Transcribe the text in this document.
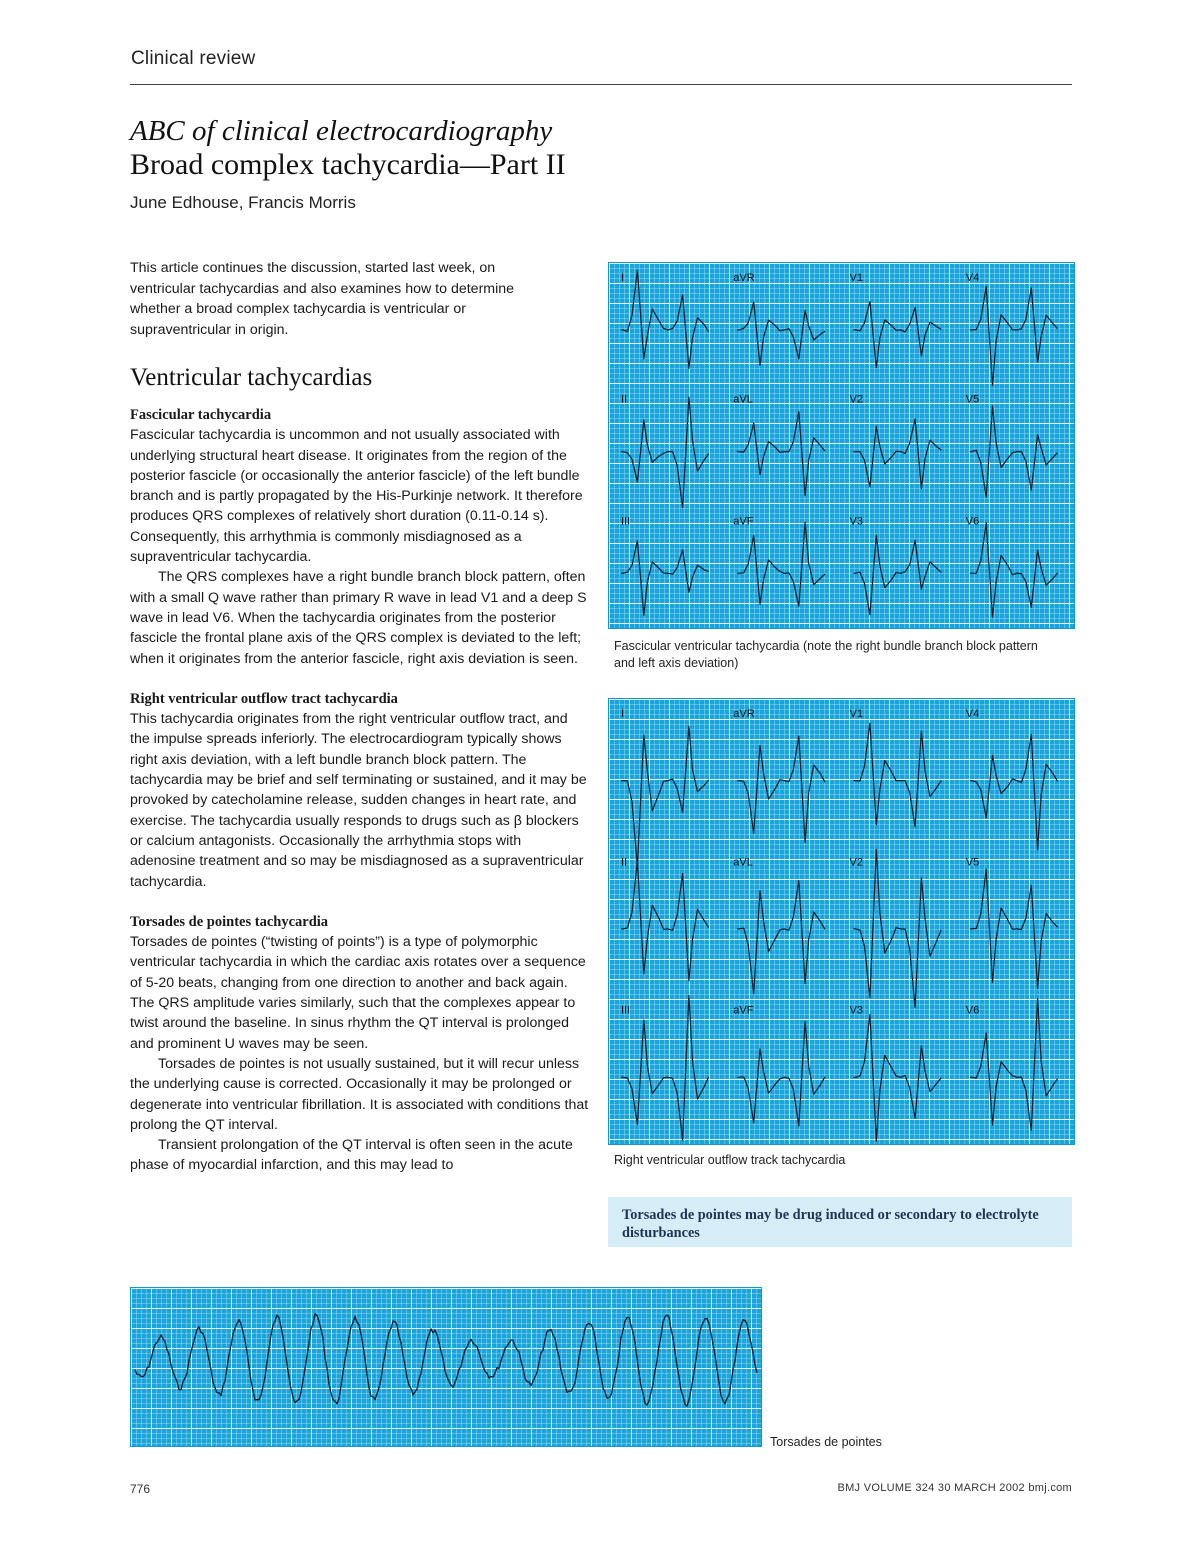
Clinical review
ABC of clinical electrocardiography
Broad complex tachycardia—Part II
June Edhouse, Francis Morris
This article continues the discussion, started last week, on ventricular tachycardias and also examines how to determine whether a broad complex tachycardia is ventricular or supraventricular in origin.
Ventricular tachycardias
Fascicular tachycardia

Fascicular tachycardia is uncommon and not usually associated with underlying structural heart disease. It originates from the region of the posterior fascicle (or occasionally the anterior fascicle) of the left bundle branch and is partly propagated by the His-Purkinje network. It therefore produces QRS complexes of relatively short duration (0.11-0.14 s). Consequently, this arrhythmia is commonly misdiagnosed as a supraventricular tachycardia.

The QRS complexes have a right bundle branch block pattern, often with a small Q wave rather than primary R wave in lead V1 and a deep S wave in lead V6. When the tachycardia originates from the posterior fascicle the frontal plane axis of the QRS complex is deviated to the left; when it originates from the anterior fascicle, right axis deviation is seen.

Right ventricular outflow tract tachycardia

This tachycardia originates from the right ventricular outflow tract, and the impulse spreads inferiorly. The electrocardiogram typically shows right axis deviation, with a left bundle branch block pattern. The tachycardia may be brief and self terminating or sustained, and it may be provoked by catecholamine release, sudden changes in heart rate, and exercise. The tachycardia usually responds to drugs such as β blockers or calcium antagonists. Occasionally the arrhythmia stops with adenosine treatment and so may be misdiagnosed as a supraventricular tachycardia.

Torsades de pointes tachycardia

Torsades de pointes (“twisting of points”) is a type of polymorphic ventricular tachycardia in which the cardiac axis rotates over a sequence of 5-20 beats, changing from one direction to another and back again. The QRS amplitude varies similarly, such that the complexes appear to twist around the baseline. In sinus rhythm the QT interval is prolonged and prominent U waves may be seen.

Torsades de pointes is not usually sustained, but it will recur unless the underlying cause is corrected. Occasionally it may be prolonged or degenerate into ventricular fibrillation. It is associated with conditions that prolong the QT interval.

Transient prolongation of the QT interval is often seen in the acute phase of myocardial infarction, and this may lead to

I	aVR	V1	V4
II	aVL	V2	V5
III	aVF	V3	V6
Fascicular ventricular tachycardia (note the right bundle branch block pattern and left axis deviation)
I	aVR	V1	V4
II	aVL	V2	V5
III	aVF	V3	V6
Right ventricular outflow track tachycardia
Torsades de pointes may be drug induced or secondary to electrolyte disturbances
Torsades de pointes
776	BMJ VOLUME 324 30 MARCH 2002 bmj.com
